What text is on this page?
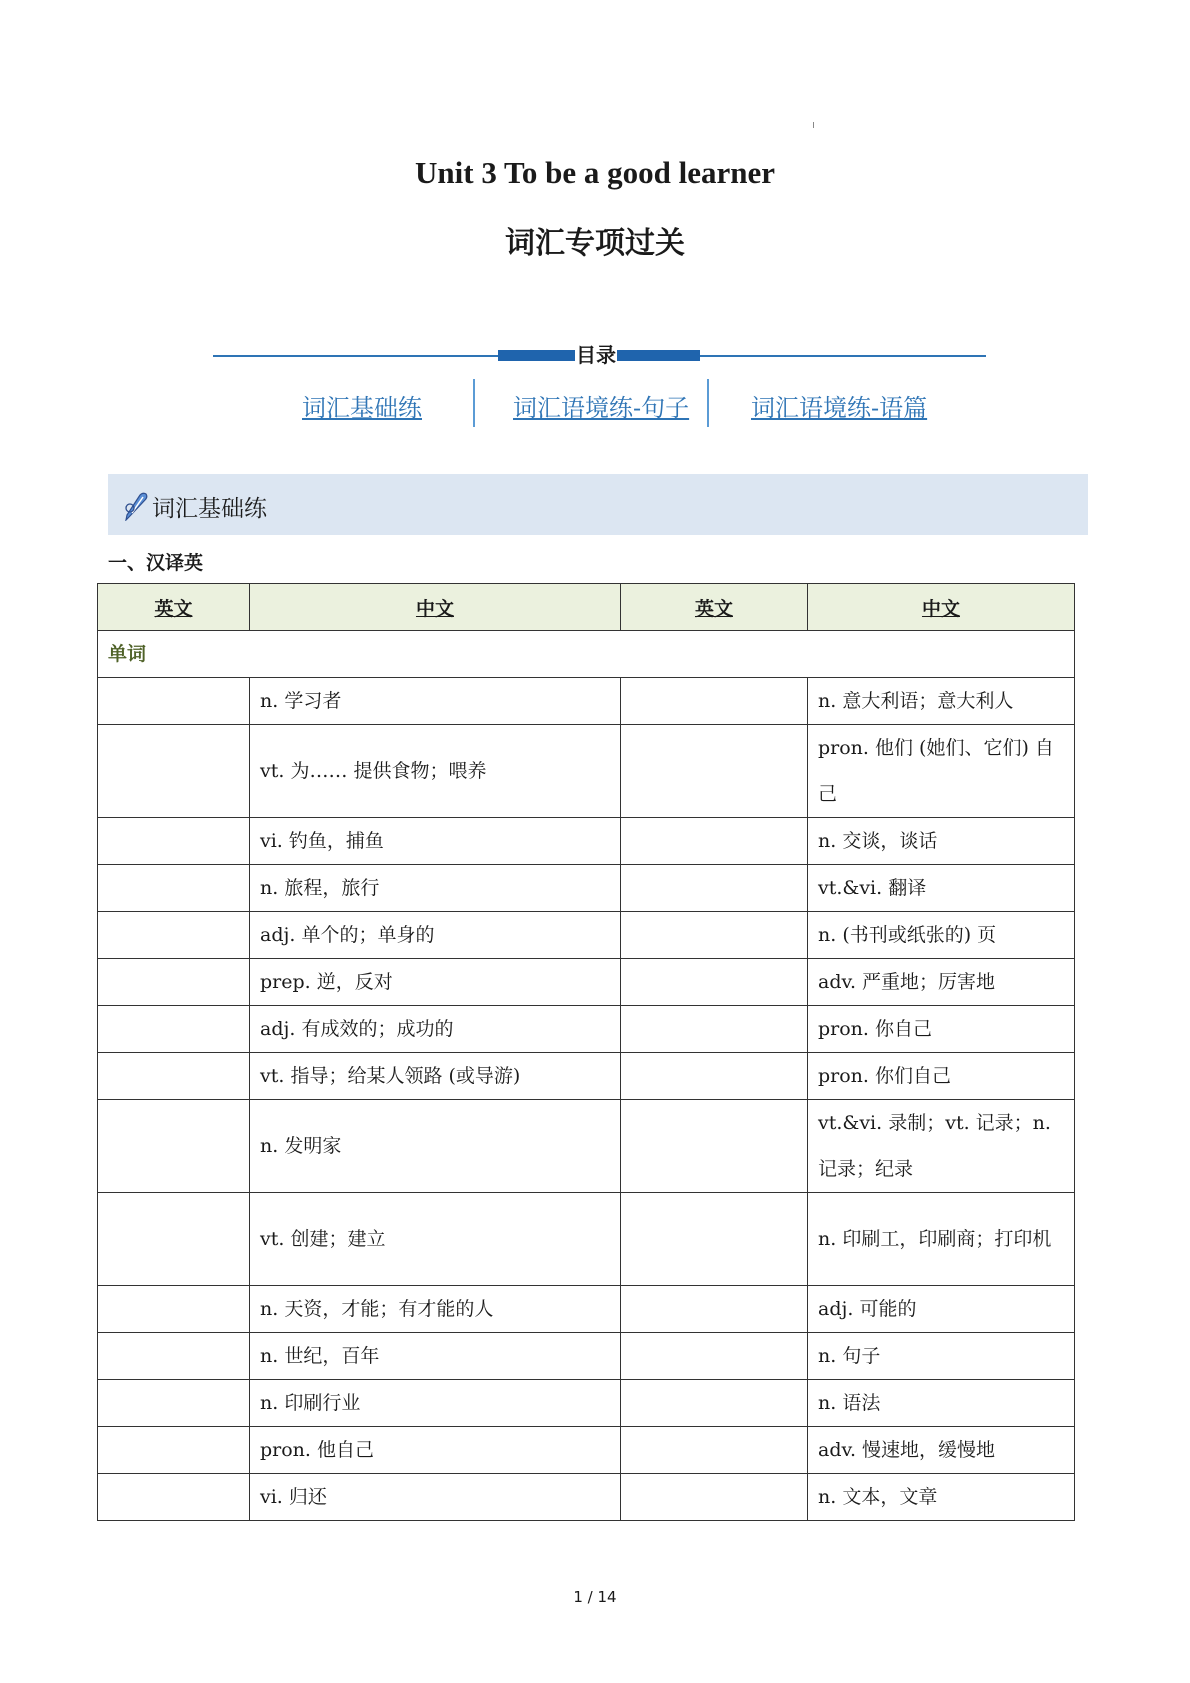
Unit 3 To be a good learner
词汇专项过关
目录
词汇基础练	词汇语境练-句子	词汇语境练-语篇
词汇基础练
一、汉译英
英文	中文	英文	中文
单词			
	n. 学习者		n. 意大利语；意大利人
	vt. 为…… 提供食物；喂养		pron. 他们 (她们、它们) 自己
	vi. 钓鱼，捕鱼		n. 交谈，谈话
	n. 旅程，旅行		vt.&vi. 翻译
	adj. 单个的；单身的		n. (书刊或纸张的) 页
	prep. 逆，反对		adv. 严重地；厉害地
	adj. 有成效的；成功的		pron. 你自己
	vt. 指导；给某人领路 (或导游)		pron. 你们自己
	n. 发明家		vt.&vi. 录制；vt. 记录；n. 记录；纪录
	vt. 创建；建立		n. 印刷工，印刷商；打印机
	n. 天资，才能；有才能的人		adj. 可能的
	n. 世纪，百年		n. 句子
	n. 印刷行业		n. 语法
	pron. 他自己		adv. 慢速地，缓慢地
	vi. 归还		n. 文本，文章
1 / 14
